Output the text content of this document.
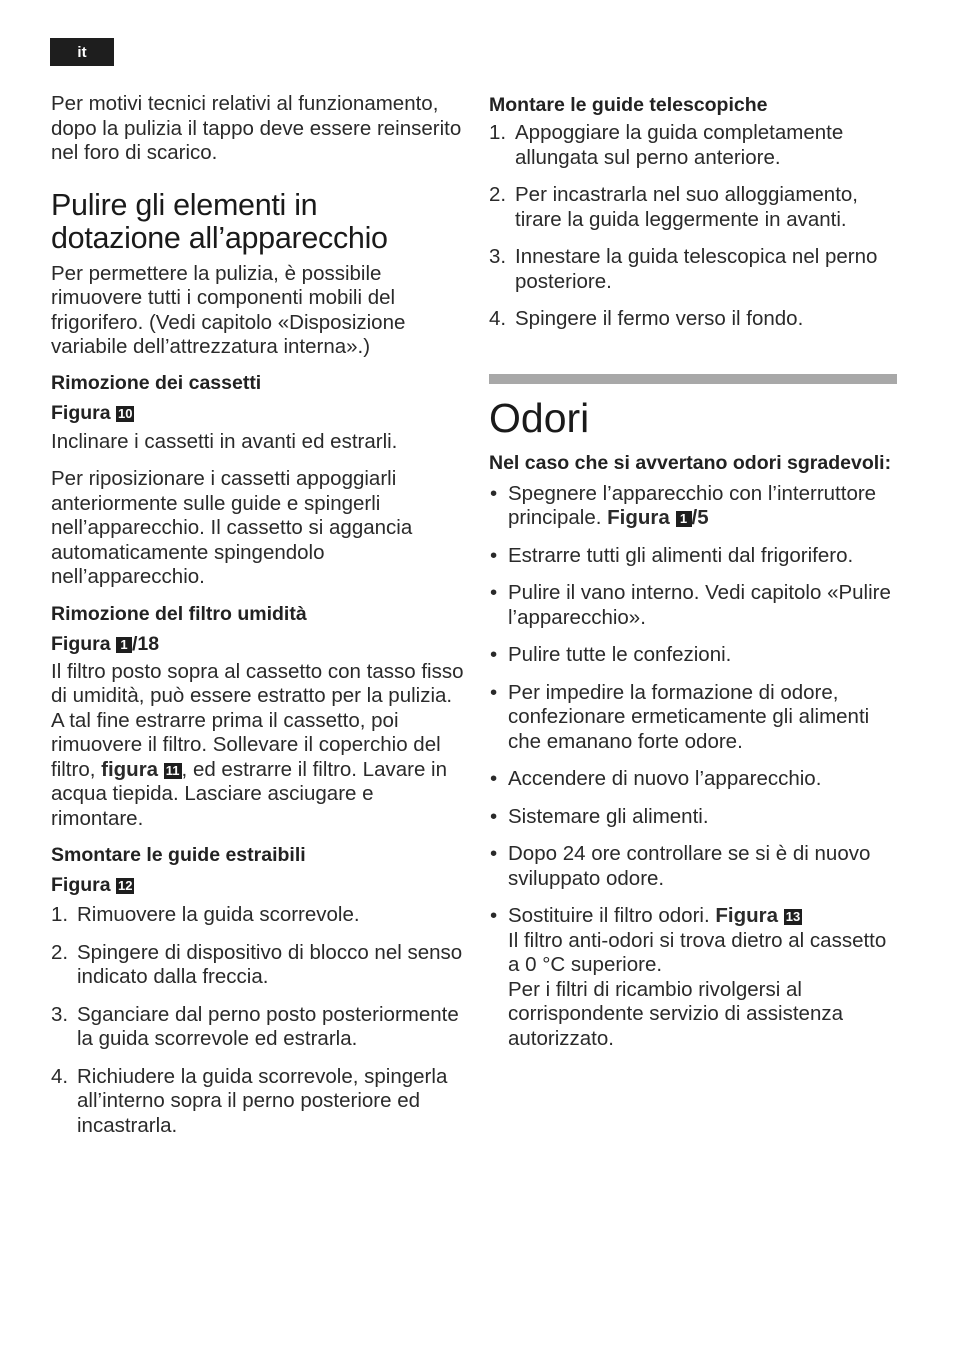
it

Per motivi tecnici relativi al funzionamento, dopo la pulizia il tappo deve essere reinserito nel foro di scarico.

Pulire gli elementi in
dotazione all’apparecchio

Per permettere la pulizia, è possibile rimuovere tutti i componenti mobili del frigorifero. (Vedi capitolo «Disposizione variabile dell’attrezzatura interna».)

Rimozione dei cassetti
Figura 10

Inclinare i cassetti in avanti ed estrarli.

Per riposizionare i cassetti appoggiarli anteriormente sulle guide e spingerli nell’apparecchio. Il cassetto si aggancia automaticamente spingendolo nell’apparecchio.

Rimozione del filtro umidità
Figura 1 /18

Il filtro posto sopra al cassetto con tasso fisso di umidità, può essere estratto per la pulizia. A tal fine estrarre prima il cassetto, poi rimuovere il filtro. Sollevare il coperchio del filtro, figura 11, ed estrarre il filtro. Lavare in acqua tiepida. Lasciare asciugare e rimontare.

Smontare le guide estraibili
Figura 12
1. Rimuovere la guida scorrevole.
2. Spingere di dispositivo di blocco nel senso indicato dalla freccia.
3. Sganciare dal perno posto posteriormente la guida scorrevole ed estrarla.
4. Richiudere la guida scorrevole, spingerla all’interno sopra il perno posteriore ed incastrarla.
Montare le guide telescopiche
1. Appoggiare la guida completamente allungata sul perno anteriore.
2. Per incastrarla nel suo alloggiamento, tirare la guida leggermente in avanti.
3. Innestare la guida telescopica nel perno posteriore.
4. Spingere il fermo verso il fondo.
Odori
Nel caso che si avvertano odori sgradevoli:
• Spegnere l’apparecchio con l’interruttore principale. Figura 1 /5
• Estrarre tutti gli alimenti dal frigorifero.
• Pulire il vano interno. Vedi capitolo «Pulire l’apparecchio».
• Pulire tutte le confezioni.
• Per impedire la formazione di odore, confezionare ermeticamente gli alimenti che emanano forte odore.
• Accendere di nuovo l’apparecchio.
• Sistemare gli alimenti.
• Dopo 24 ore controllare se si è di nuovo sviluppato odore.
• Sostituire il filtro odori. Figura 13
Il filtro anti-odori si trova dietro al cassetto a 0 °C superiore.
Per i filtri di ricambio rivolgersi al corrispondente servizio di assistenza autorizzato.
